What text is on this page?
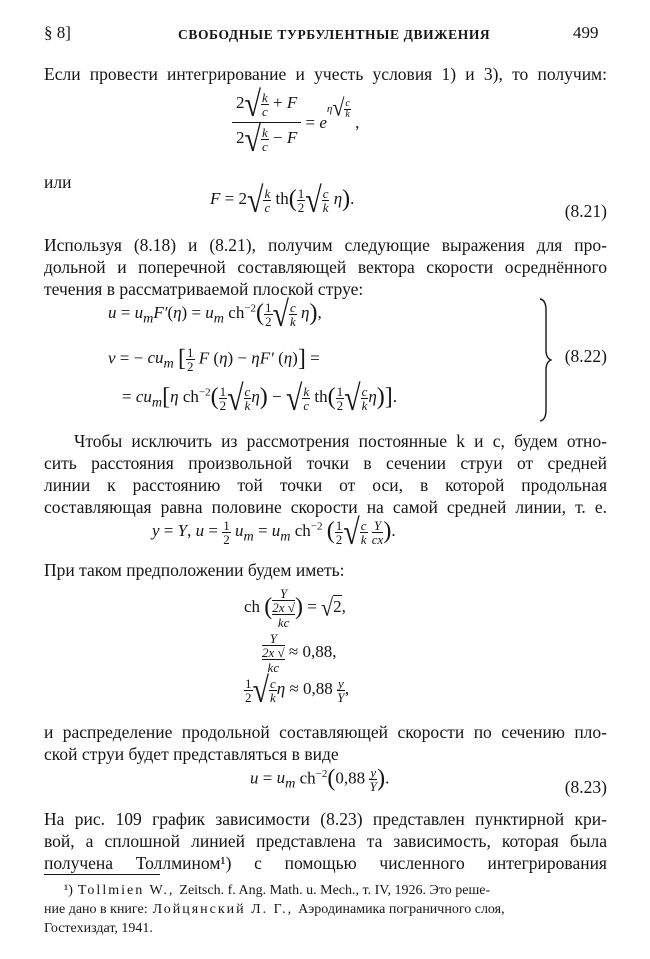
§ 8]	СВОБОДНЫЕ ТУРБУЛЕНТНЫЕ ДВИЖЕНИЯ	499
Если провести интегрирование и учесть условия 1) и 3), то получим:
$\frac{2√ \frac{k}{c} + F}{2√ \frac{k}{c} - F} = e^{\eta√ \frac{c}{k}}$
,
или
$F = 2√ \frac{k}{c} th( \frac{1}{2}$ √ $\frac{c}{k} \eta$).
(8.21)
Используя (8.18) и (8.21), получим следующие выражения для про-
дольной и поперечной составляющей вектора скорости осреднённого
течения в рассматриваемой плоской струе:
$u = u_mF'(\eta) = u_m$ $ch^{-2}( \frac{1}{2}$ √ $\frac{c}{k} \eta$),
v = − $cu_m$ [ $\frac{1}{2}$ F (η) − ηF′ (η)] =
= $cu_m[\eta$ $ch^{-2}( \frac{1}{2}$ √ $\frac{c}{k} \eta$) − √ $\frac{k}{c} th( \frac{1}{2}$ √ $\frac{c}{k} \eta$)].
(8.22)
Чтобы исключить из рассмотрения постоянные k и c, будем отно-
сить расстояния произвольной точки в сечении струи от средней
линии к расстоянию той точки от оси, в которой продольная
составляющая равна половине скорости на самой средней линии, т. е.
y = Y, $u = \frac{1}{2} u_m = u_m$ $ch^{-2}$ ( $\frac{1}{2}$ √ $\frac{c}{k}$
$\frac{Y}{cx}$ ).
При таком предположении будем иметь:
ch ( Y
2x √
kc ) = √2,
Y
2x √
kc ≈ 0,88,
$\frac{1}{2}$ √ $\frac{c}{k}$ $\eta \approx 0,88 \frac{y}{Y}$ ,
и распределение продольной составляющей скорости по сечению пло-
ской струи будет представляться в виде
$u = u_m$ $ch^{-2}(0,88 \frac{y}{Y}$ ).	(8.23)
На рис. 109 график зависимости (8.23) представлен пунктирной кри-
вой, а сплошной линией представлена та зависимость, которая была
получена Толлмином¹) с помощью численного интегрирования
¹) Tollmien W., Zeitsch. f. Ang. Math. u. Mech., т. IV, 1926. Это реше-
ние дано в книге: Лойцянский Л. Г., Аэродинамика пограничного слоя,
Гостехиздат, 1941.
